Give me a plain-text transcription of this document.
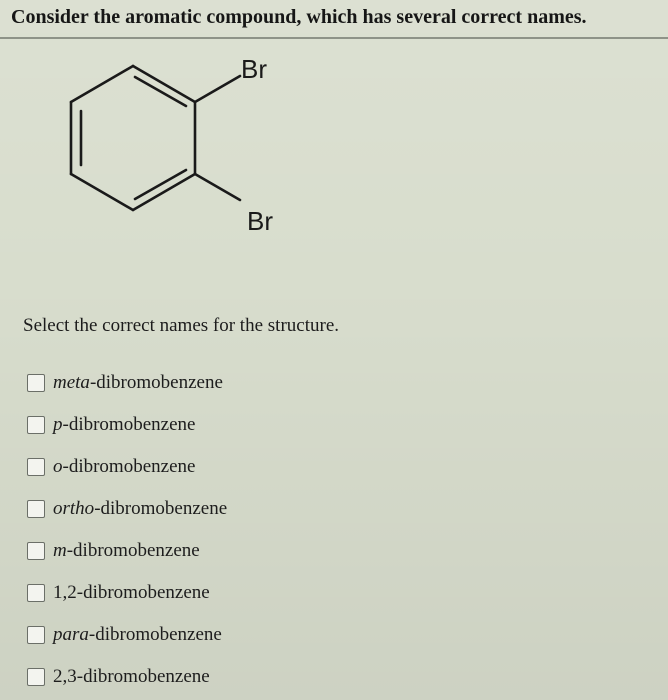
Consider the aromatic compound, which has several correct names.
Br
Br
Select the correct names for the structure.
meta-dibromobenzene
p-dibromobenzene
o-dibromobenzene
ortho-dibromobenzene
m-dibromobenzene
1,2-dibromobenzene
para-dibromobenzene
2,3-dibromobenzene
